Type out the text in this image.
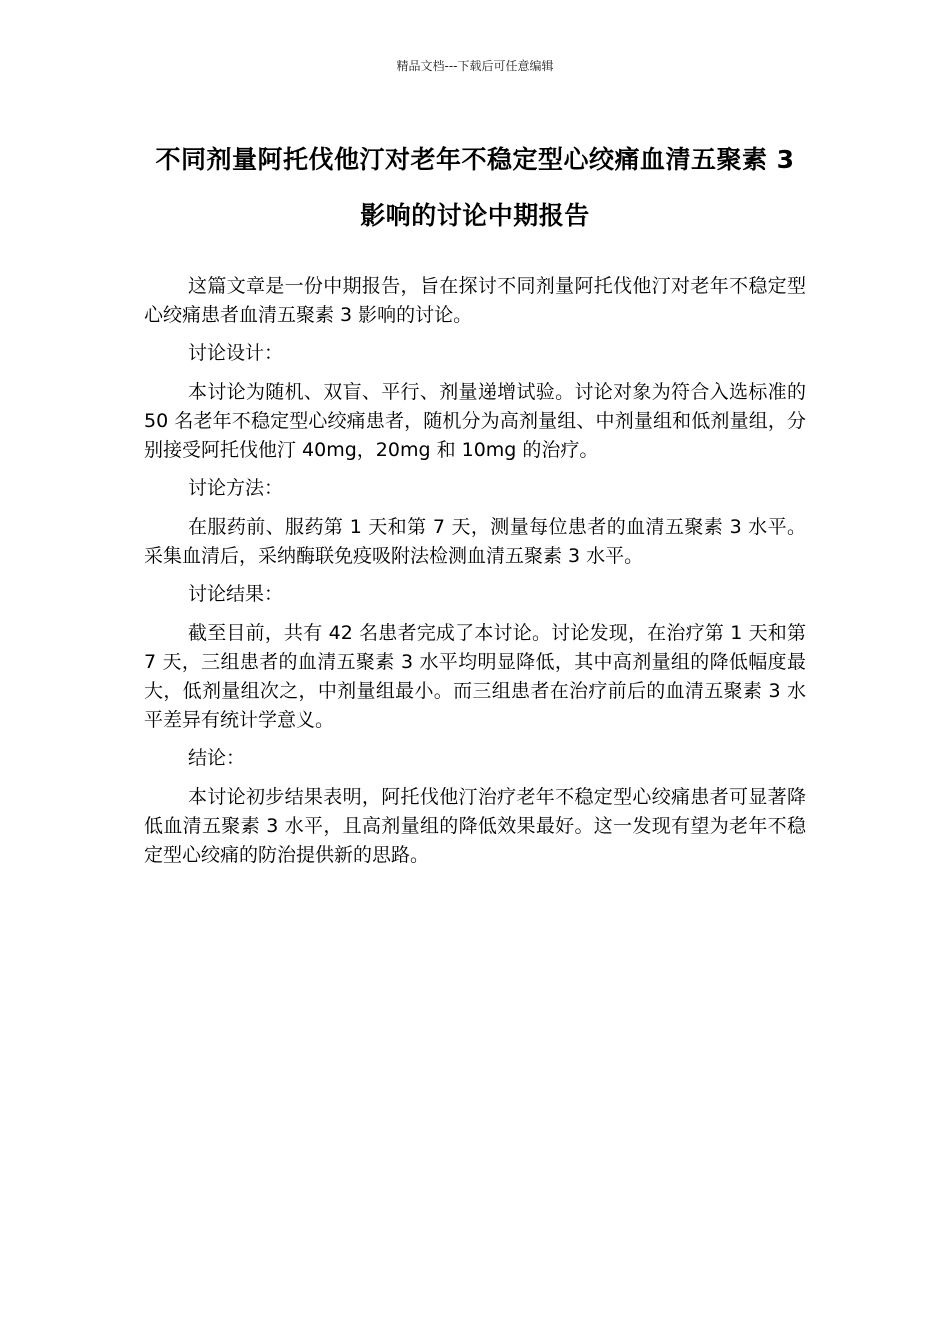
精品文档---下载后可任意编辑
不同剂量阿托伐他汀对老年不稳定型心绞痛血清五聚素 3 影响的讨论中期报告

这篇文章是一份中期报告，旨在探讨不同剂量阿托伐他汀对老年不稳定型心绞痛患者血清五聚素 3 影响的讨论。

讨论设计：

本讨论为随机、双盲、平行、剂量递增试验。讨论对象为符合入选标准的 50 名老年不稳定型心绞痛患者，随机分为高剂量组、中剂量组和低剂量组，分别接受阿托伐他汀 40mg，20mg 和 10mg 的治疗。

讨论方法：

在服药前、服药第 1 天和第 7 天，测量每位患者的血清五聚素 3 水平。采集血清后，采纳酶联免疫吸附法检测血清五聚素 3 水平。

讨论结果：

截至目前，共有 42 名患者完成了本讨论。讨论发现，在治疗第 1 天和第 7 天，三组患者的血清五聚素 3 水平均明显降低，其中高剂量组的降低幅度最大，低剂量组次之，中剂量组最小。而三组患者在治疗前后的血清五聚素 3 水平差异有统计学意义。

结论：

本讨论初步结果表明，阿托伐他汀治疗老年不稳定型心绞痛患者可显著降低血清五聚素 3 水平，且高剂量组的降低效果最好。这一发现有望为老年不稳定型心绞痛的防治提供新的思路。
